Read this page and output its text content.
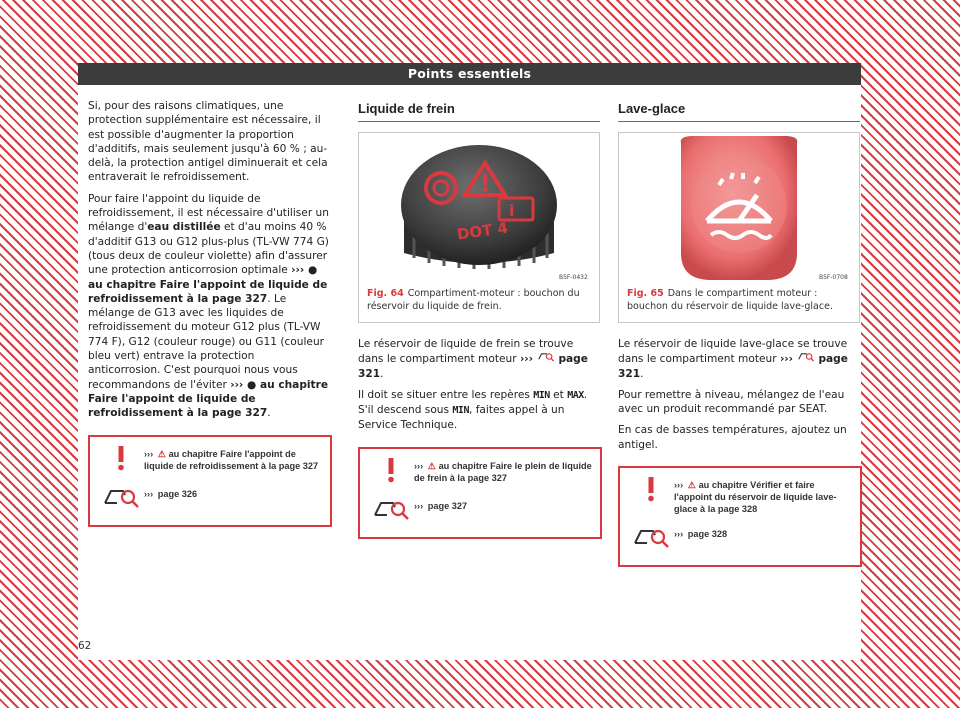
Points essentiels

Si, pour des raisons climatiques, une protection supplémentaire est nécessaire, il est possible d'augmenter la proportion d'additifs, mais seulement jusqu'à 60 % ; au-delà, la protection antigel diminuerait et cela entraverait le refroidissement.

Pour faire l'appoint du liquide de refroidissement, il est nécessaire d'utiliser un mélange d'eau distillée et d'au moins 40 % d'additif G13 ou G12 plus-plus (TL-VW 774 G) (tous deux de couleur violette) afin d'assurer une protection anticorrosion optimale ››› ● au chapitre Faire l'appoint de liquide de refroidissement à la page 327. Le mélange de G13 avec les liquides de refroidissement du moteur G12 plus (TL-VW 774 F), G12 (couleur rouge) ou G11 (couleur bleu vert) entrave la protection anticorrosion. C'est pourquoi nous vous recommandons de l'éviter ››› ● au chapitre Faire l'appoint de liquide de refroidissement à la page 327.

››› ⚠ au chapitre Faire l'appoint de liquide de refroidissement à la page 327
››› page 326
Liquide de frein
i
DOT 4
B5F-0432
Fig. 64 Compartiment-moteur : bouchon du réservoir du liquide de frein.

Le réservoir de liquide de frein se trouve dans le compartiment moteur ››› page 321.

Il doit se situer entre les repères MIN et MAX. S'il descend sous MIN, faites appel à un Service Technique.

››› ⚠ au chapitre Faire le plein de liquide de frein à la page 327
››› page 327
Lave-glace
B5F-0708
Fig. 65 Dans le compartiment moteur : bouchon du réservoir de liquide lave-glace.

Le réservoir de liquide lave-glace se trouve dans le compartiment moteur ››› page 321.

Pour remettre à niveau, mélangez de l'eau avec un produit recommandé par SEAT.

En cas de basses températures, ajoutez un antigel.

››› ⚠ au chapitre Vérifier et faire l'appoint du réservoir de liquide lave-glace à la page 328
››› page 328
62
